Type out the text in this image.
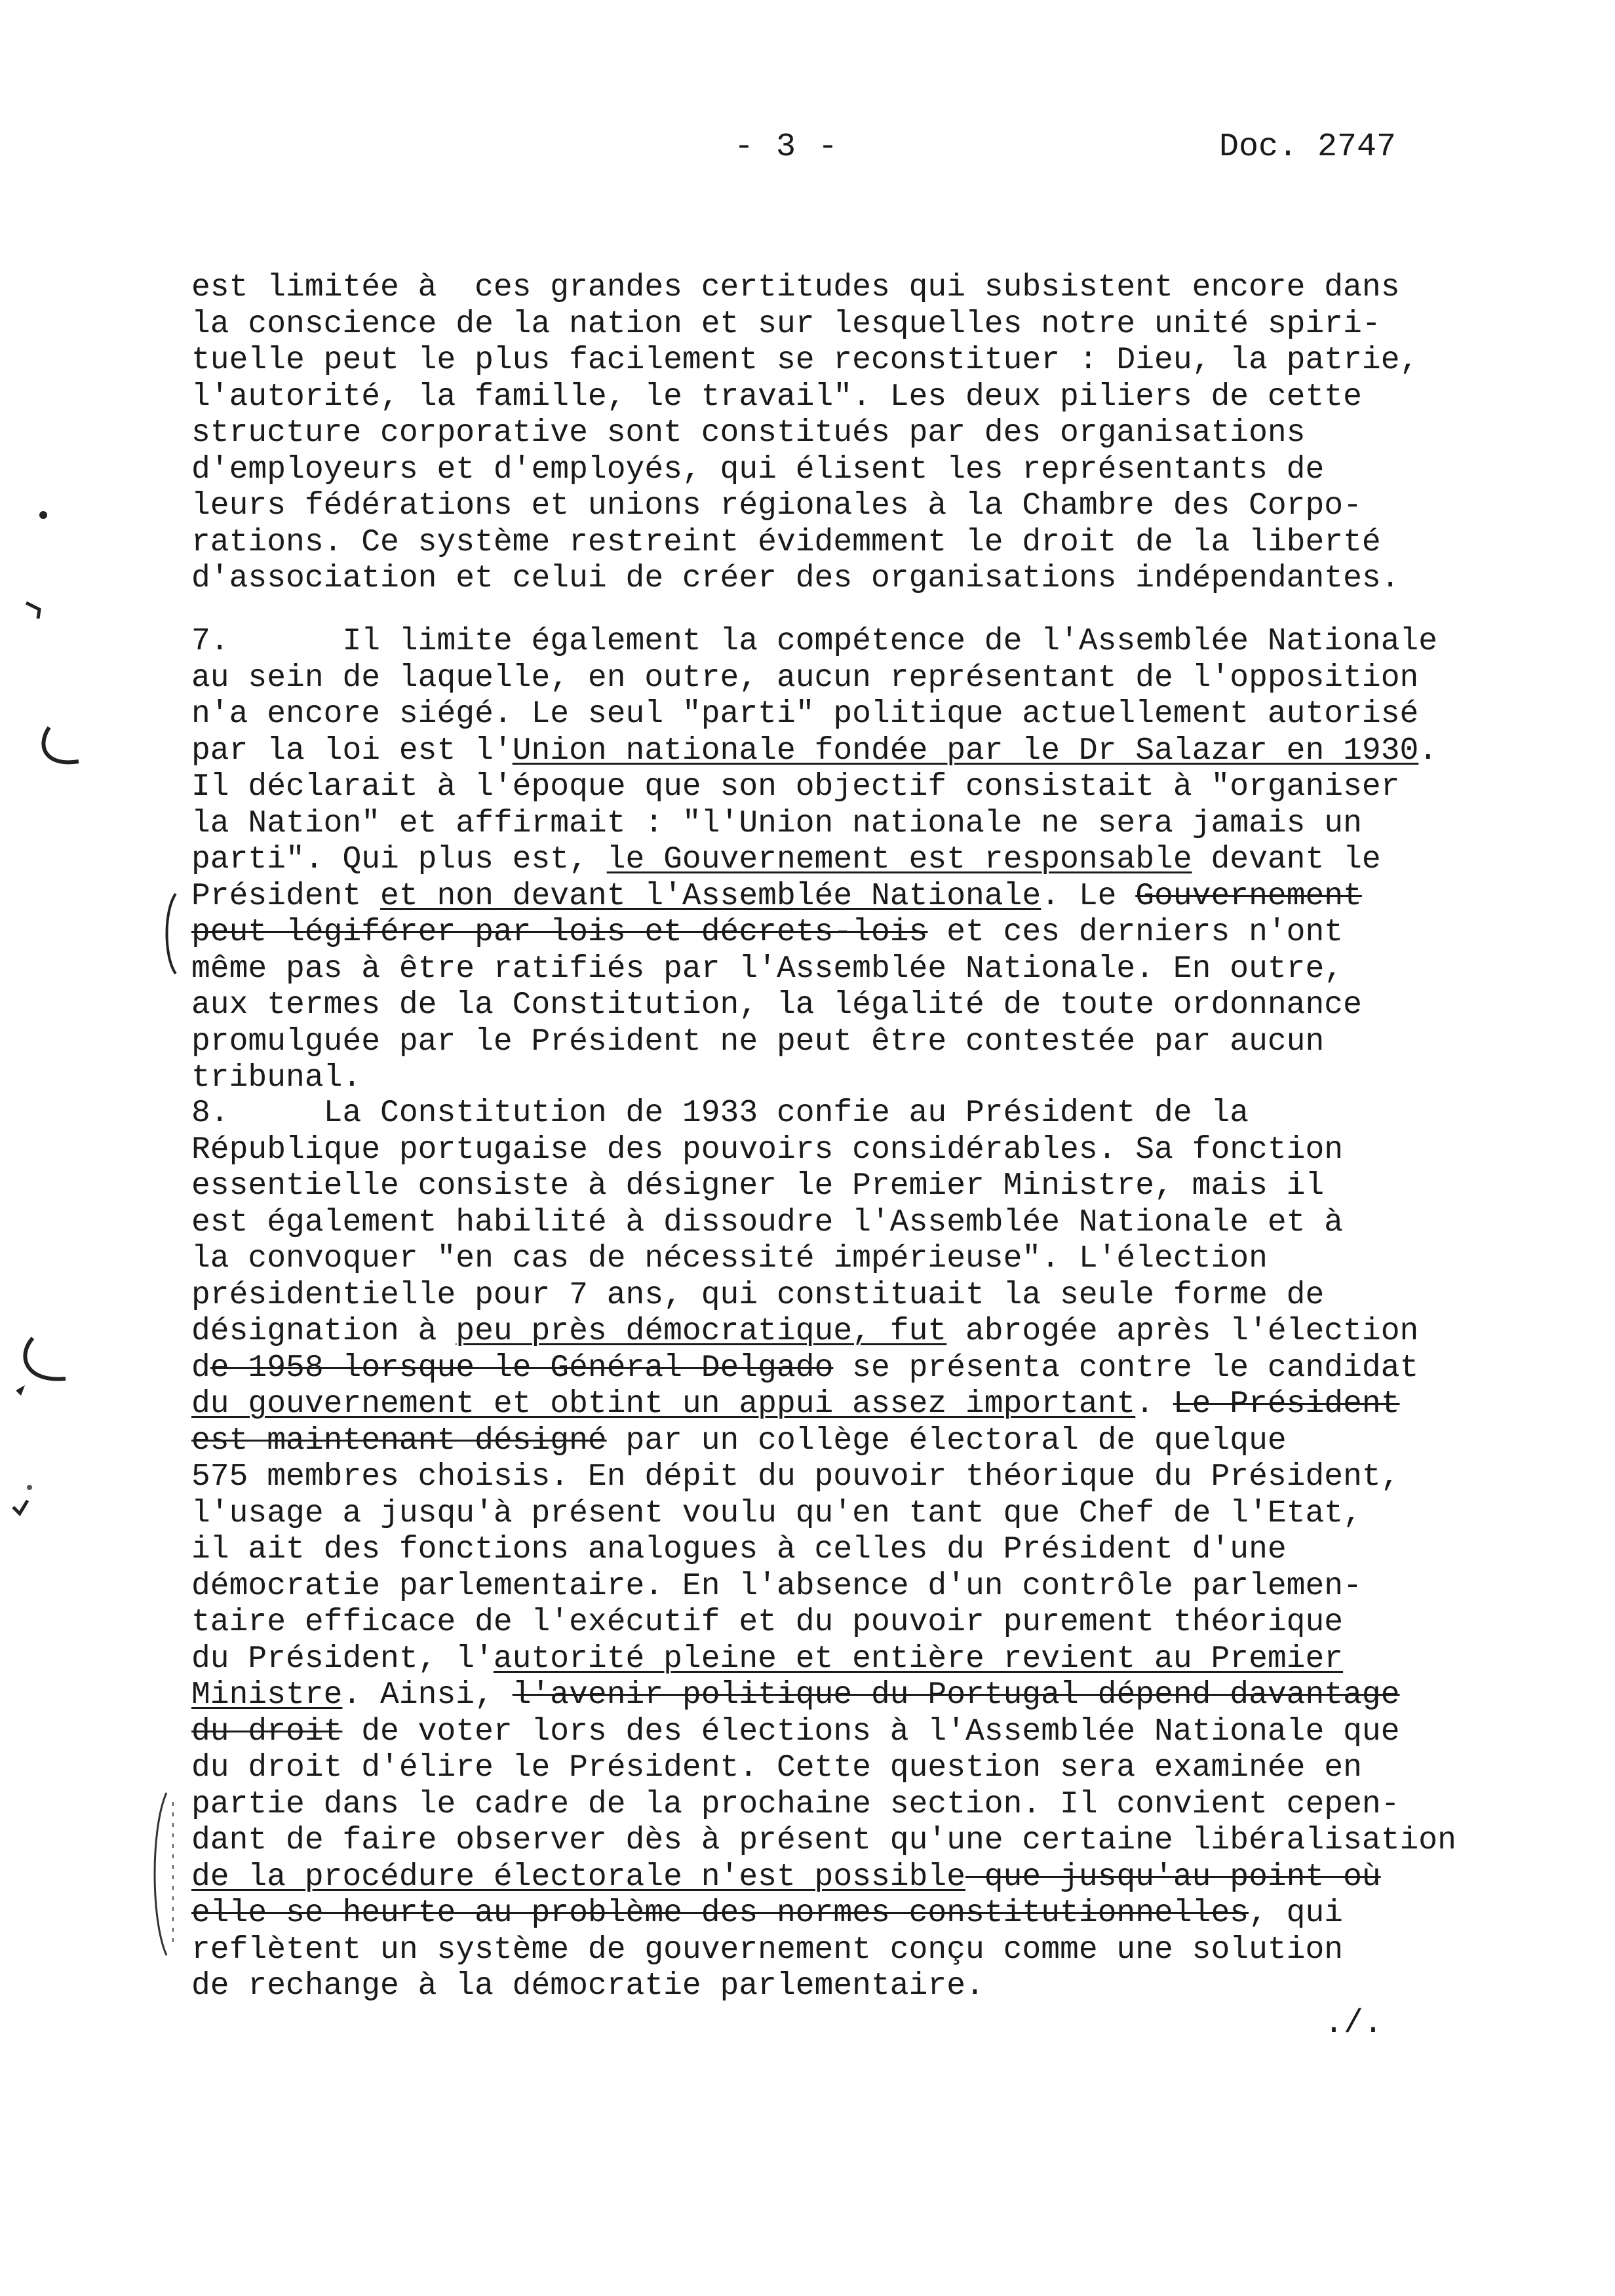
- 3 -	Doc. 2747
est limitée à  ces grandes certitudes qui subsistent encore dans
la conscience de la nation et sur lesquelles notre unité spiri-
tuelle peut le plus facilement se reconstituer : Dieu, la patrie,
l'autorité, la famille, le travail". Les deux piliers de cette
structure corporative sont constitués par des organisations
d'employeurs et d'employés, qui élisent les représentants de
leurs fédérations et unions régionales à la Chambre des Corpo-
rations. Ce système restreint évidemment le droit de la liberté
d'association et celui de créer des organisations indépendantes.
7.	Il limite également la compétence de l'Assemblée Nationale
au sein de laquelle, en outre, aucun représentant de l'opposition
n'a encore siégé. Le seul "parti" politique actuellement autorisé
par la loi est l'Union nationale fondée par le Dr Salazar en 1930.
Il déclarait à l'époque que son objectif consistait à "organiser
la Nation" et affirmait : "l'Union nationale ne sera jamais un
parti". Qui plus est, le Gouvernement est responsable devant le
Président et non devant l'Assemblée Nationale. Le Gouvernement
peut légiférer par lois et décrets-lois et ces derniers n'ont
même pas à être ratifiés par l'Assemblée Nationale. En outre,
aux termes de la Constitution, la légalité de toute ordonnance
promulguée par le Président ne peut être contestée par aucun
tribunal.
8.	La Constitution de 1933 confie au Président de la
République portugaise des pouvoirs considérables. Sa fonction
essentielle consiste à désigner le Premier Ministre, mais il
est également habilité à dissoudre l'Assemblée Nationale et à
la convoquer "en cas de nécessité impérieuse". L'élection
présidentielle pour 7 ans, qui constituait la seule forme de
désignation à peu près démocratique, fut abrogée après l'élection
de 1958 lorsque le Général Delgado se présenta contre le candidat
du gouvernement et obtint un appui assez important. Le Président
est maintenant désigné par un collège électoral de quelque
575 membres choisis. En dépit du pouvoir théorique du Président,
l'usage a jusqu'à présent voulu qu'en tant que Chef de l'Etat,
il ait des fonctions analogues à celles du Président d'une
démocratie parlementaire. En l'absence d'un contrôle parlemen-
taire efficace de l'exécutif et du pouvoir purement théorique
du Président, l'autorité pleine et entière revient au Premier
Ministre. Ainsi, l'avenir politique du Portugal dépend davantage
du droit de voter lors des élections à l'Assemblée Nationale que
du droit d'élire le Président. Cette question sera examinée en
partie dans le cadre de la prochaine section. Il convient cepen-
dant de faire observer dès à présent qu'une certaine libéralisation
de la procédure électorale n'est possible que jusqu'au point où
elle se heurte au problème des normes constitutionnelles, qui
reflètent un système de gouvernement conçu comme une solution
de rechange à la démocratie parlementaire.
./.
